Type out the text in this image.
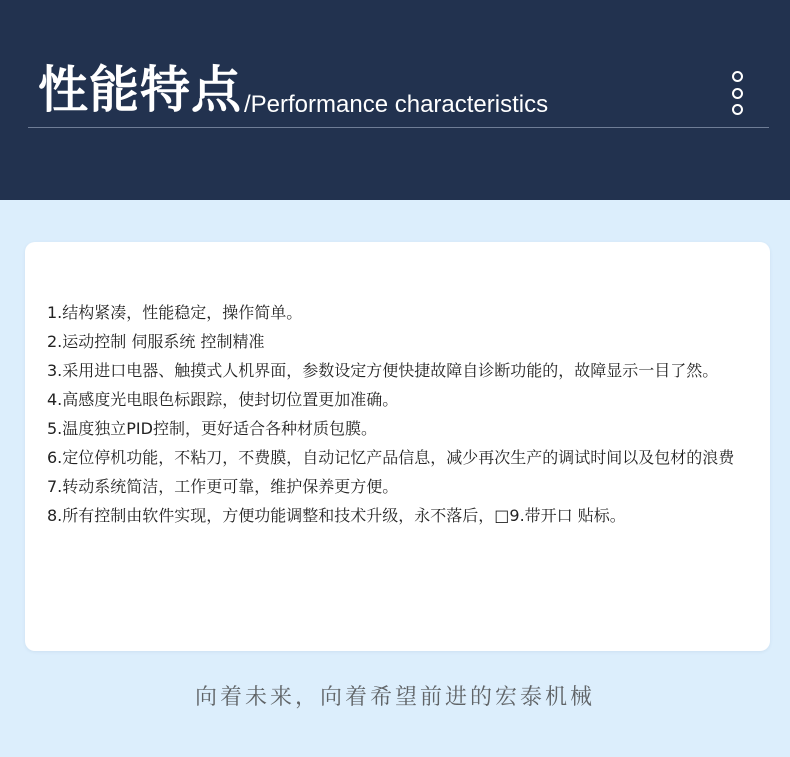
性能特点 /Performance characteristics
1.结构紧凑，性能稳定，操作简单。
2.运动控制 伺服系统 控制精准
3.采用进口电器、触摸式人机界面，参数设定方便快捷故障自诊断功能的，故障显示一目了然。
4.高感度光电眼色标跟踪，使封切位置更加准确。
5.温度独立PID控制，更好适合各种材质包膜。
6.定位停机功能，不粘刀，不费膜，自动记忆产品信息，减少再次生产的调试时间以及包材的浪费
7.转动系统简洁，工作更可靠，维护保养更方便。
8.所有控制由软件实现，方便功能调整和技术升级，永不落后，□9.带开口 贴标。
向着未来，向着希望前进的宏泰机械
